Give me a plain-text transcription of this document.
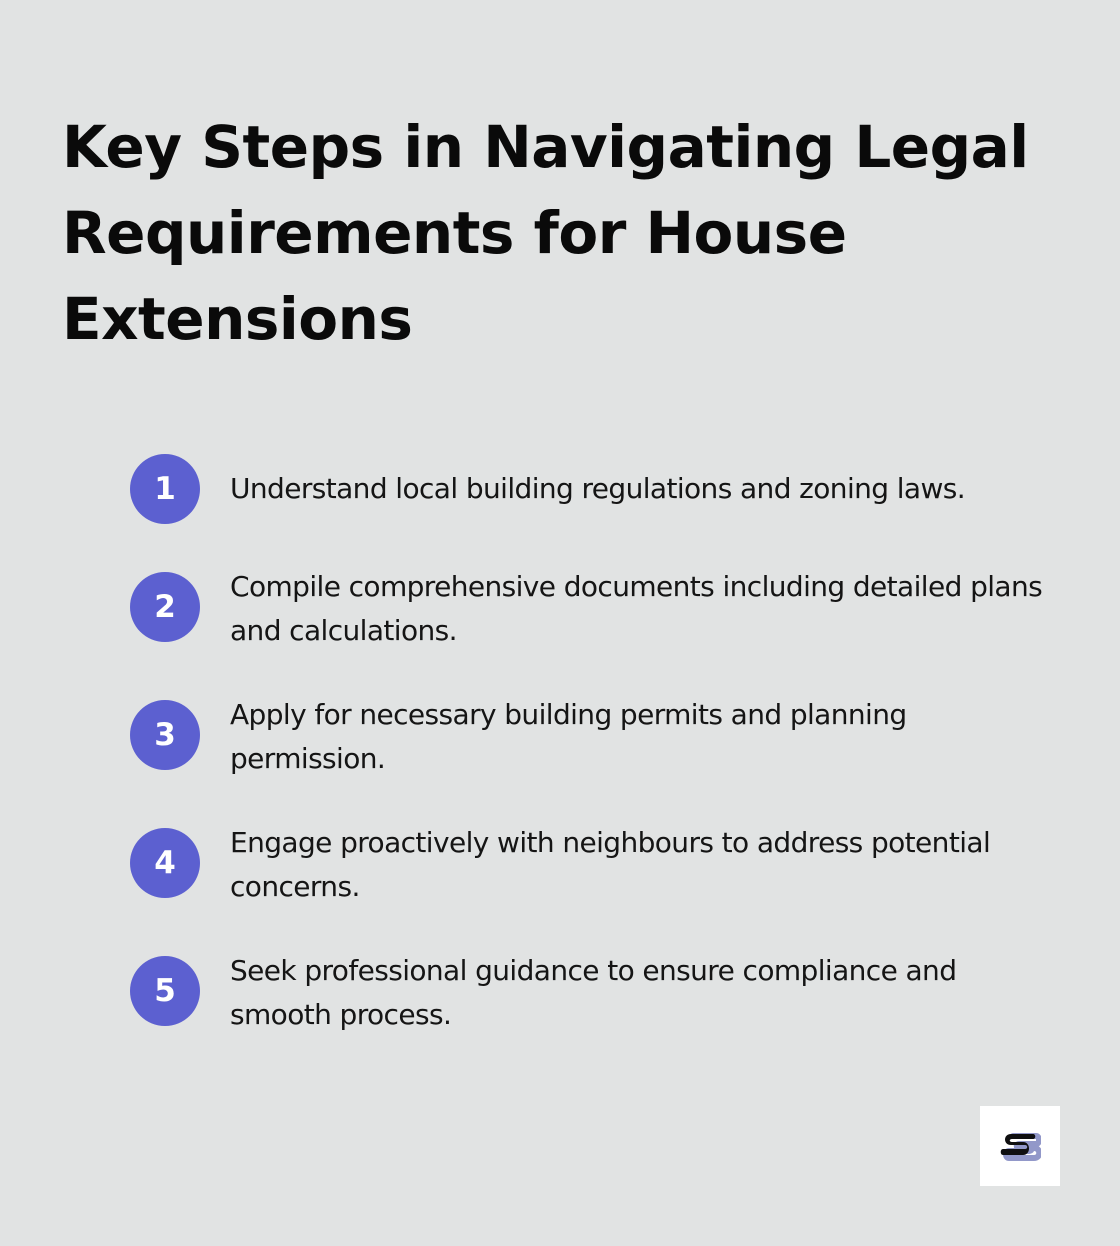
Key Steps in Navigating Legal Requirements for House Extensions
1	Understand local building regulations and zoning laws.

2

Compile comprehensive documents including detailed plans and calculations.

3

Apply for necessary building permits and planning permission.

4

Engage proactively with neighbours to address potential concerns.

5

Seek professional guidance to ensure compliance and smooth process.
